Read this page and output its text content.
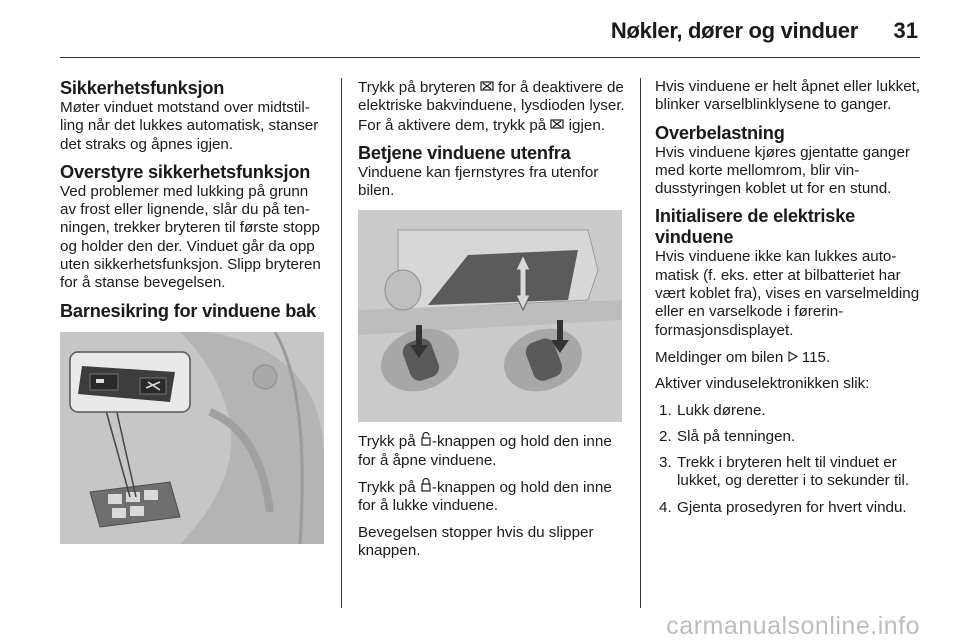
Nøkler, dører og vinduer	31
Sikkerhetsfunksjon

Møter vinduet motstand over midtstilling når det lukkes automatisk, stanser det straks og åpnes igjen.

Overstyre sikkerhetsfunksjon

Ved problemer med lukking på grunn av frost eller lignende, slår du på tenningen, trekker bryteren til første stopp og holder den der. Vinduet går da opp uten sikkerhetsfunksjon. Slipp bryteren for å stanse bevegelsen.

Barnesikring for vinduene bak

Trykk på bryteren  for å deaktivere de elektriske bakvinduene, lysdioden lyser. For å aktivere dem, trykk på  igjen.

Betjene vinduene utenfra

Vinduene kan fjernstyres fra utenfor bilen.

Trykk på -knappen og hold den inne for å åpne vinduene.

Trykk på -knappen og hold den inne for å lukke vinduene.

Bevegelsen stopper hvis du slipper knappen.

Hvis vinduene er helt åpnet eller lukket, blinker varselblinklysene to ganger.

Overbelastning

Hvis vinduene kjøres gjentatte ganger med korte mellomrom, blir vindusstyringen koblet ut for en stund.

Initialisere de elektriske vinduene

Hvis vinduene ikke kan lukkes automatisk (f. eks. etter at bilbatteriet har vært koblet fra), vises en varselmelding eller en varselkode i førerinformasjonsdisplayet.

Meldinger om bilen  115.

Aktiver vinduselektronikken slik:

1. Lukk dørene.
2. Slå på tenningen.
3. Trekk i bryteren helt til vinduet er lukket, og deretter i to sekunder til.
4. Gjenta prosedyren for hvert vindu.
carmanualsonline.info
